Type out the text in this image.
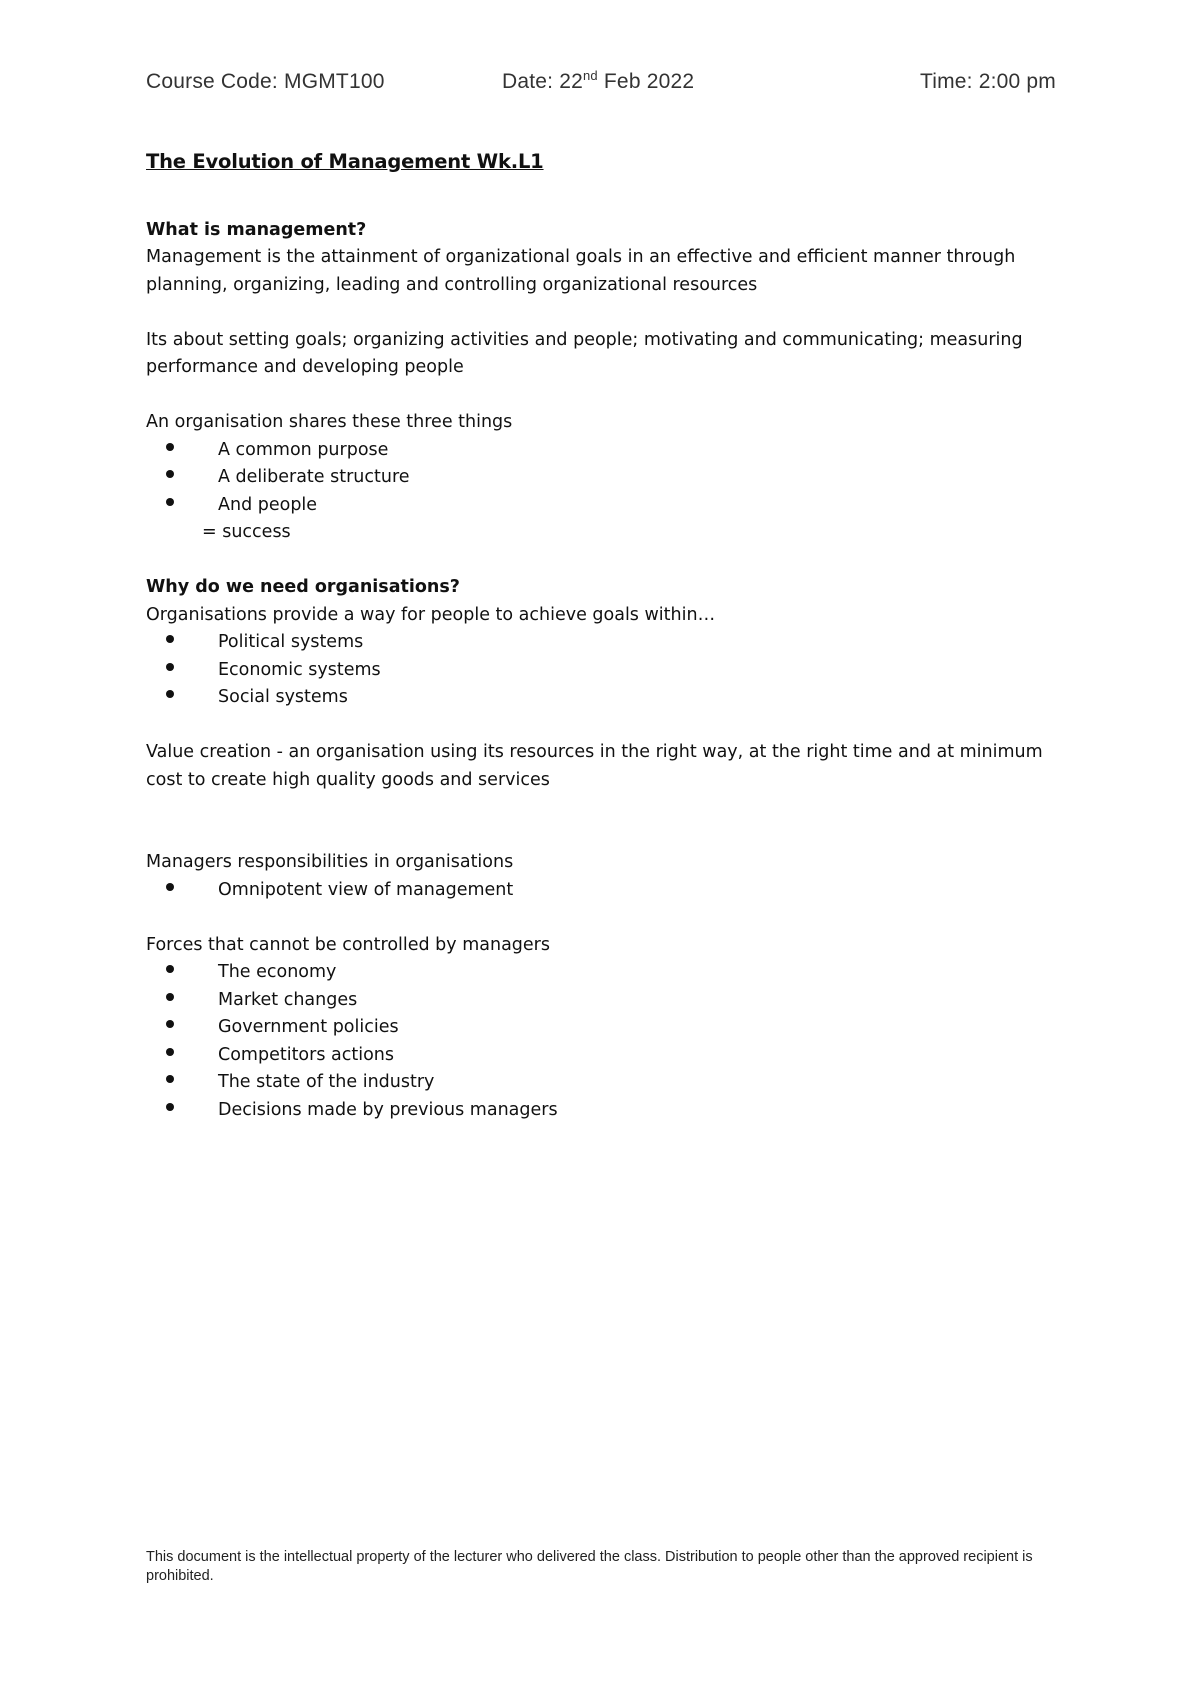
Course Code: MGMT100	Date: 22nd Feb 2022	Time: 2:00 pm
The Evolution of Management Wk.L1

What is management?

Management is the attainment of organizational goals in an effective and efficient manner through planning, organizing, leading and controlling organizational resources

Its about setting goals; organizing activities and people; motivating and communicating; measuring performance and developing people

An organisation shares these three things

A common purpose
A deliberate structure
And people

= success

Why do we need organisations?

Organisations provide a way for people to achieve goals within…

Political systems
Economic systems
Social systems

Value creation - an organisation using its resources in the right way, at the right time and at minimum cost to create high quality goods and services

Managers responsibilities in organisations

Omnipotent view of management

Forces that cannot be controlled by managers

The economy
Market changes
Government policies
Competitors actions
The state of the industry
Decisions made by previous managers
This document is the intellectual property of the lecturer who delivered the class. Distribution to people other than the approved recipient is prohibited.
